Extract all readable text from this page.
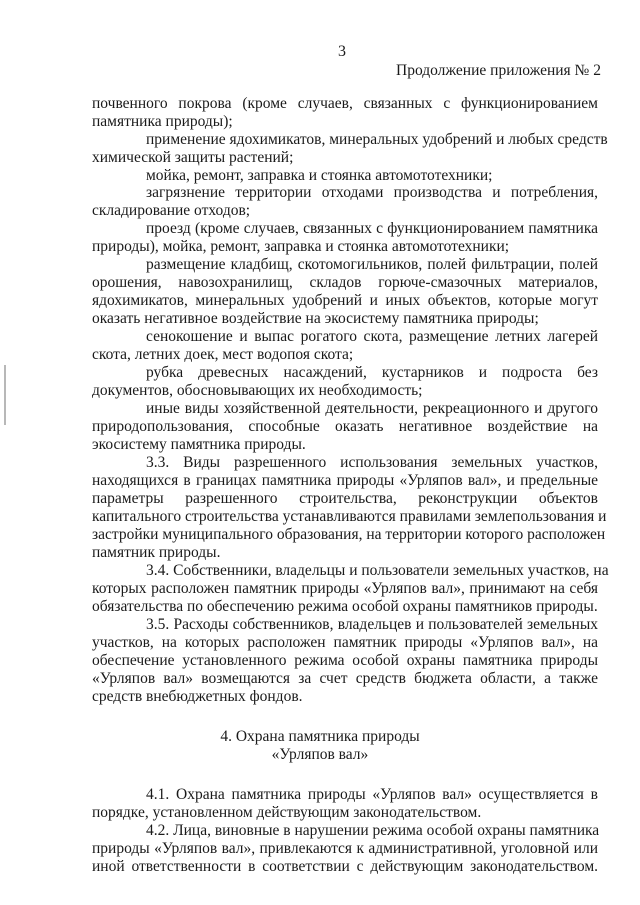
3
Продолжение приложения № 2
почвенного покрова (кроме случаев, связанных с функционированием
памятника природы);
применение ядохимикатов, минеральных удобрений и любых средств
химической защиты растений;
мойка, ремонт, заправка и стоянка автомототехники;
загрязнение территории отходами производства и потребления,
складирование отходов;
проезд (кроме случаев, связанных с функционированием памятника
природы), мойка, ремонт, заправка и стоянка автомототехники;
размещение кладбищ, скотомогильников, полей фильтрации, полей
орошения, навозохранилищ, складов горюче-смазочных материалов,
ядохимикатов, минеральных удобрений и иных объектов, которые могут
оказать негативное воздействие на экосистему памятника природы;
сенокошение и выпас рогатого скота, размещение летних лагерей
скота, летних доек, мест водопоя скота;
рубка древесных насаждений, кустарников и подроста без
документов, обосновывающих их необходимость;
иные виды хозяйственной деятельности, рекреационного и другого
природопользования, способные оказать негативное воздействие на
экосистему памятника природы.
3.3. Виды разрешенного использования земельных участков,
находящихся в границах памятника природы «Урляпов вал», и предельные
параметры разрешенного строительства, реконструкции объектов
капитального строительства устанавливаются правилами землепользования и
застройки муниципального образования, на территории которого расположен
памятник природы.
3.4. Собственники, владельцы и пользователи земельных участков, на
которых расположен памятник природы «Урляпов вал», принимают на себя
обязательства по обеспечению режима особой охраны памятников природы.
3.5. Расходы собственников, владельцев и пользователей земельных
участков, на которых расположен памятник природы «Урляпов вал», на
обеспечение установленного режима особой охраны памятника природы
«Урляпов вал» возмещаются за счет средств бюджета области, а также
средств внебюджетных фондов.
4. Охрана памятника природы
«Урляпов вал»
4.1. Охрана памятника природы «Урляпов вал» осуществляется в
порядке, установленном действующим законодательством.
4.2. Лица, виновные в нарушении режима особой охраны памятника
природы «Урляпов вал», привлекаются к административной, уголовной или
иной ответственности в соответствии с действующим законодательством.
